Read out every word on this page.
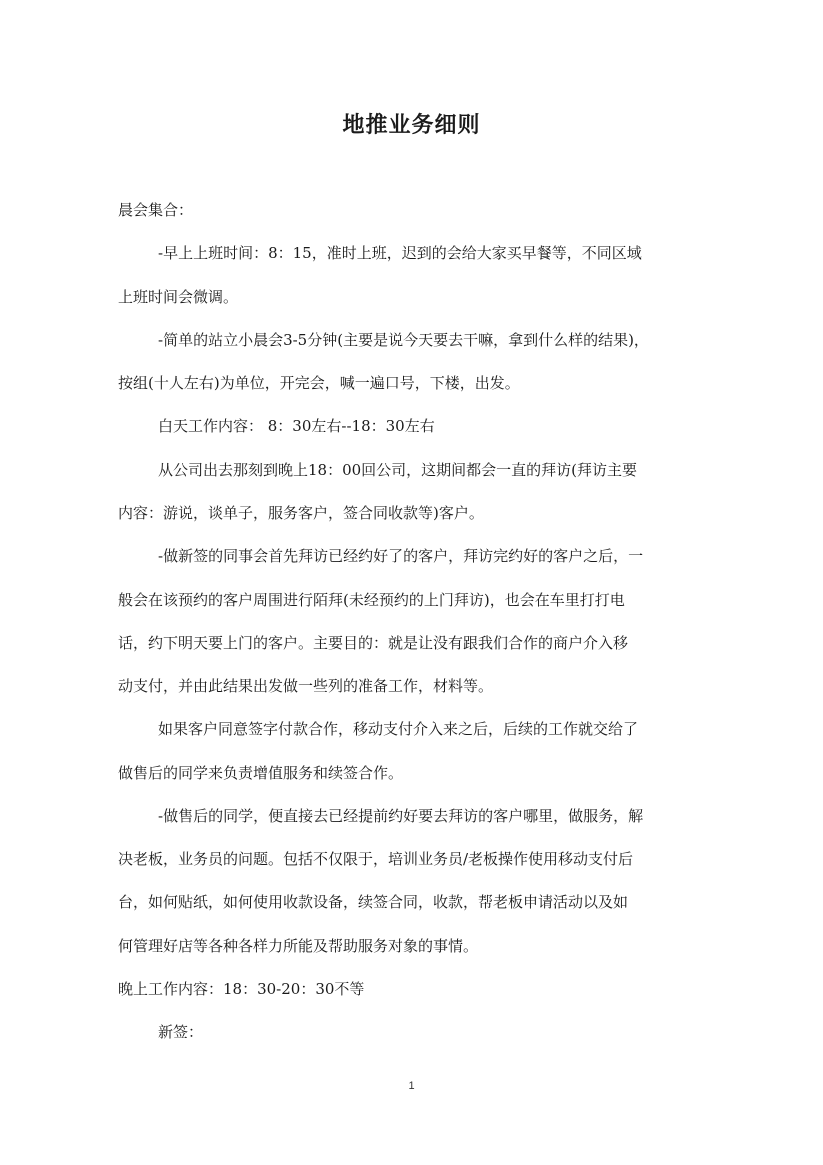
地推业务细则
晨会集合：
-早上上班时间：8：15，准时上班，迟到的会给大家买早餐等，不同区域
上班时间会微调。
-简单的站立小晨会3-5分钟(主要是说今天要去干嘛，拿到什么样的结果)，
按组(十人左右)为单位，开完会，喊一遍口号，下楼，出发。
白天工作内容： 8：30左右--18：30左右
从公司出去那刻到晚上18：00回公司，这期间都会一直的拜访(拜访主要
内容：游说，谈单子，服务客户，签合同收款等)客户。
-做新签的同事会首先拜访已经约好了的客户，拜访完约好的客户之后，一
般会在该预约的客户周围进行陌拜(未经预约的上门拜访)，也会在车里打打电
话，约下明天要上门的客户。主要目的：就是让没有跟我们合作的商户介入移
动支付，并由此结果出发做一些列的准备工作，材料等。
如果客户同意签字付款合作，移动支付介入来之后，后续的工作就交给了
做售后的同学来负责增值服务和续签合作。
-做售后的同学，便直接去已经提前约好要去拜访的客户哪里，做服务，解
决老板，业务员的问题。包括不仅限于，培训业务员/老板操作使用移动支付后
台，如何贴纸，如何使用收款设备，续签合同，收款，帮老板申请活动以及如
何管理好店等各种各样力所能及帮助服务对象的事情。
晚上工作内容：18：30-20：30不等
新签：
1
